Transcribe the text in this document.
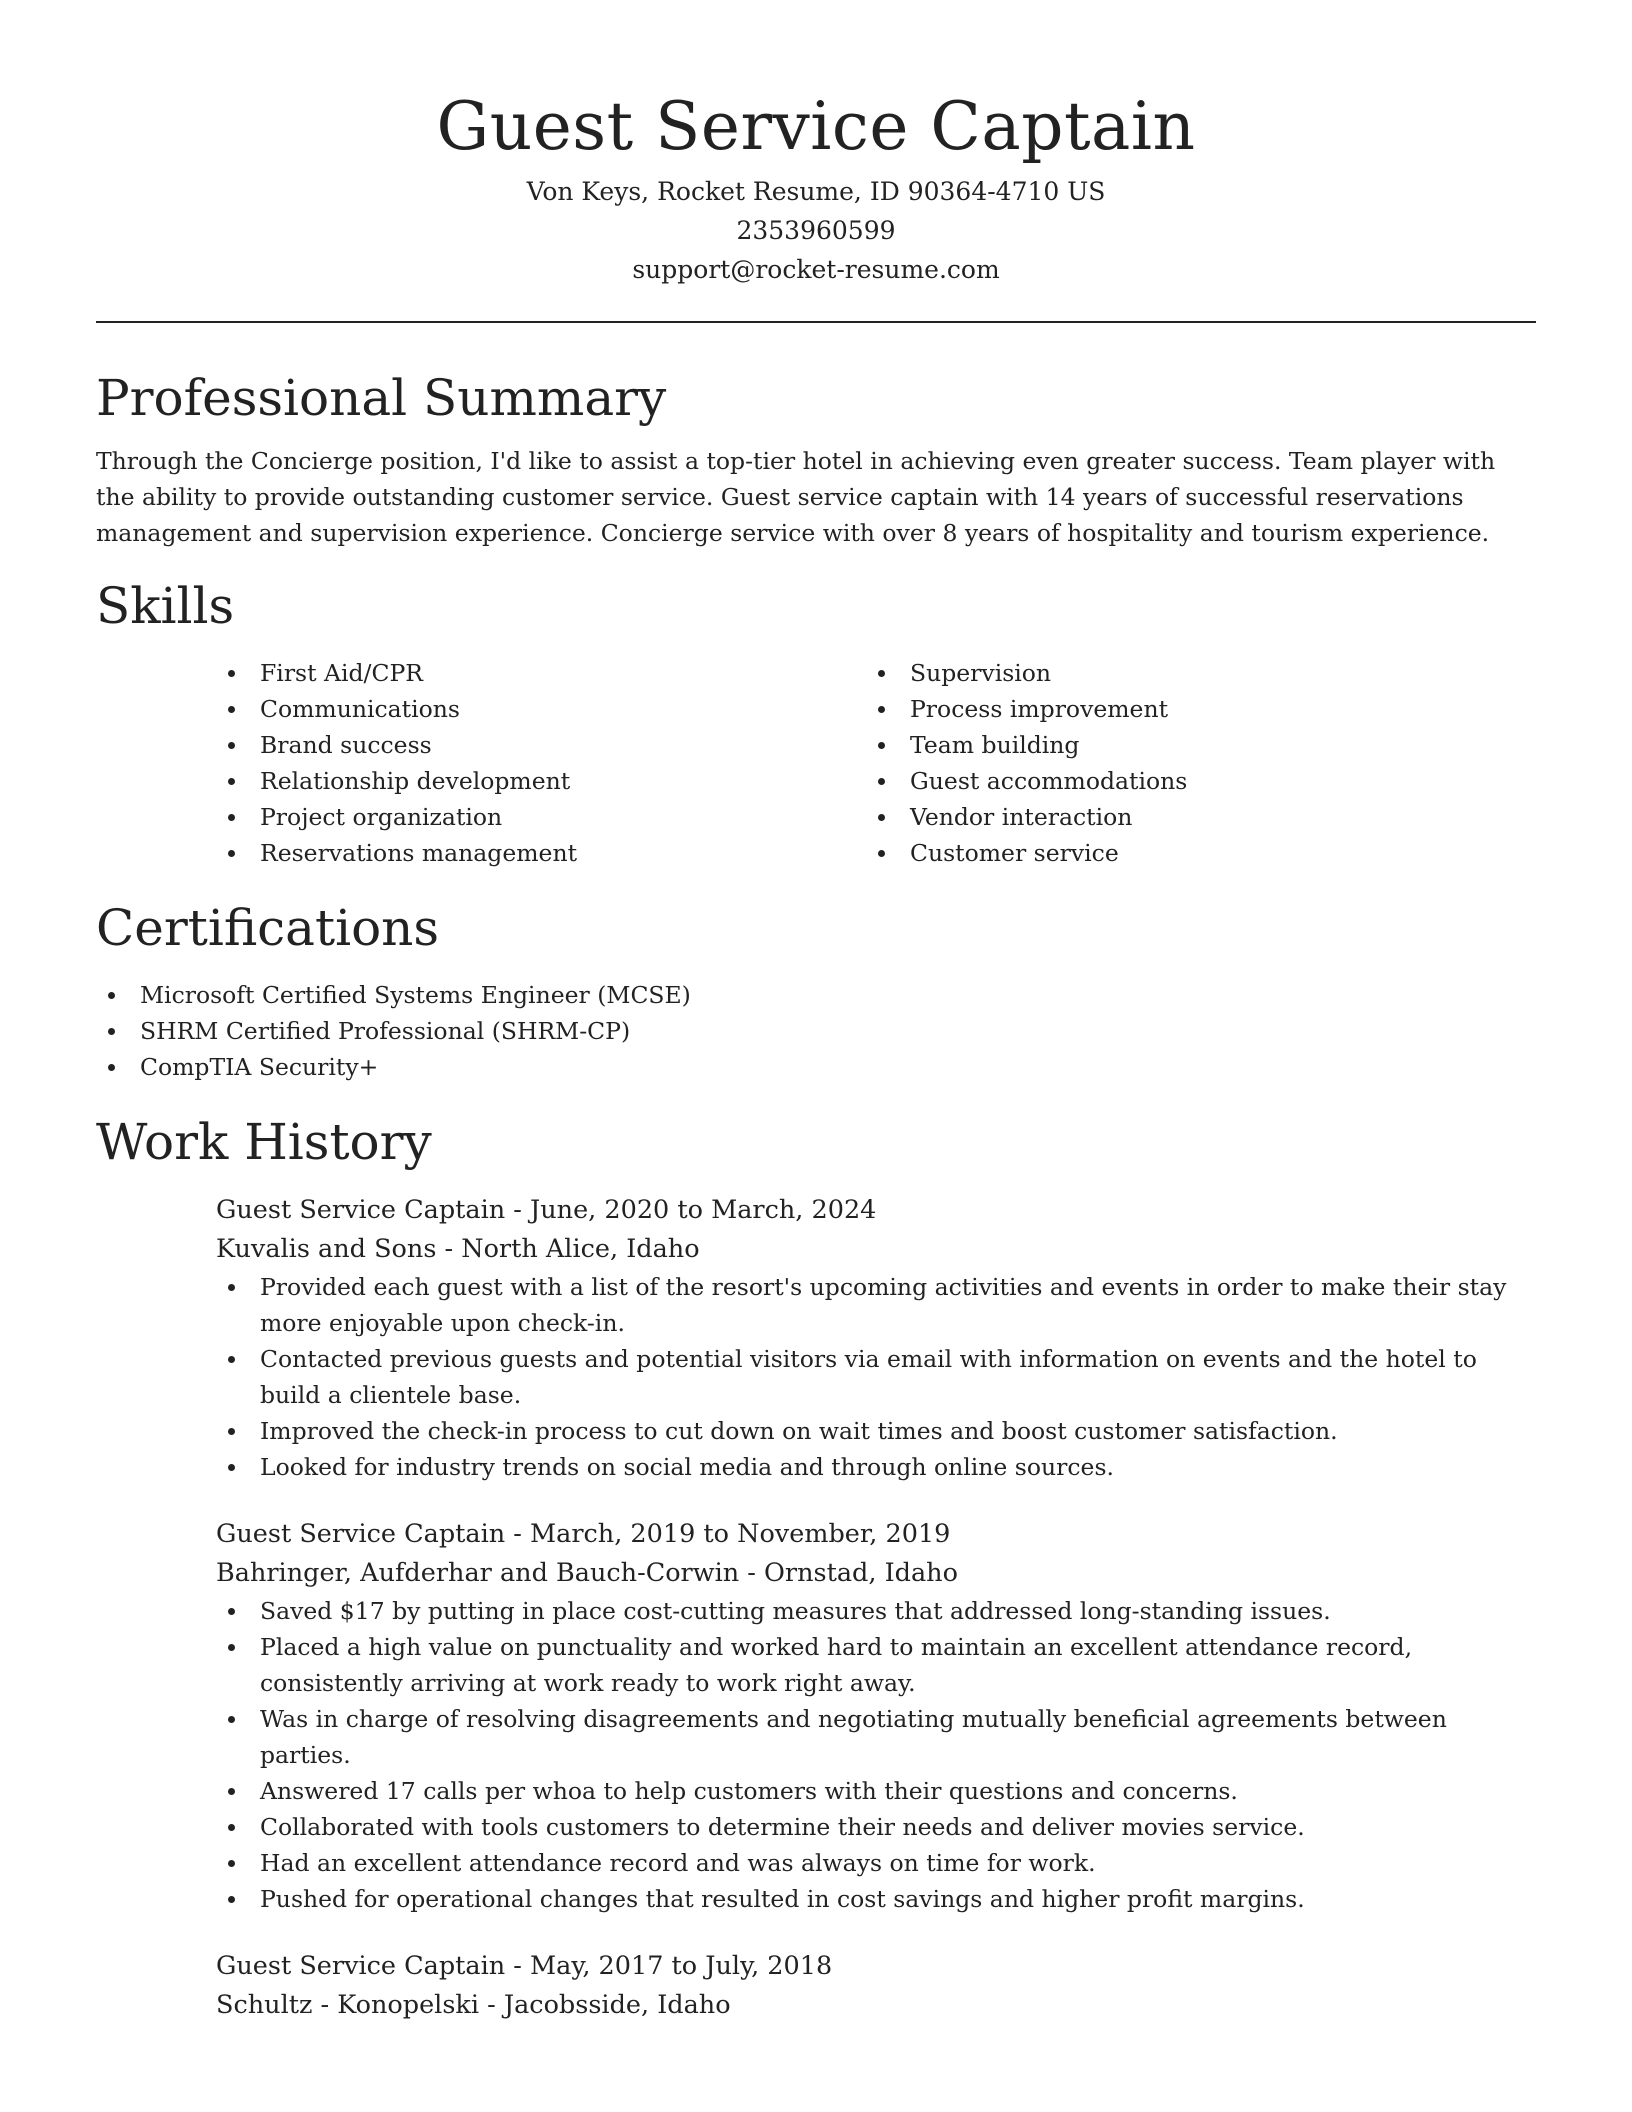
Guest Service Captain
Von Keys, Rocket Resume, ID 90364-4710 US
2353960599
support@rocket-resume.com
Professional Summary

Through the Concierge position, I'd like to assist a top-tier hotel in achieving even greater success. Team player with the ability to provide outstanding customer service. Guest service captain with 14 years of successful reservations management and supervision experience. Concierge service with over 8 years of hospitality and tourism experience.

Skills
First Aid/CPR
Communications
Brand success
Relationship development
Project organization
Reservations management
Supervision
Process improvement
Team building
Guest accommodations
Vendor interaction
Customer service
Certifications
Microsoft Certified Systems Engineer (MCSE)
SHRM Certified Professional (SHRM-CP)
CompTIA Security+
Work History
Guest Service Captain - June, 2020 to March, 2024
Kuvalis and Sons - North Alice, Idaho
Provided each guest with a list of the resort's upcoming activities and events in order to make their stay more enjoyable upon check-in.
Contacted previous guests and potential visitors via email with information on events and the hotel to build a clientele base.
Improved the check-in process to cut down on wait times and boost customer satisfaction.
Looked for industry trends on social media and through online sources.
Guest Service Captain - March, 2019 to November, 2019
Bahringer, Aufderhar and Bauch-Corwin - Ornstad, Idaho
Saved $17 by putting in place cost-cutting measures that addressed long-standing issues.
Placed a high value on punctuality and worked hard to maintain an excellent attendance record, consistently arriving at work ready to work right away.
Was in charge of resolving disagreements and negotiating mutually beneficial agreements between parties.
Answered 17 calls per whoa to help customers with their questions and concerns.
Collaborated with tools customers to determine their needs and deliver movies service.
Had an excellent attendance record and was always on time for work.
Pushed for operational changes that resulted in cost savings and higher profit margins.
Guest Service Captain - May, 2017 to July, 2018
Schultz - Konopelski - Jacobsside, Idaho
